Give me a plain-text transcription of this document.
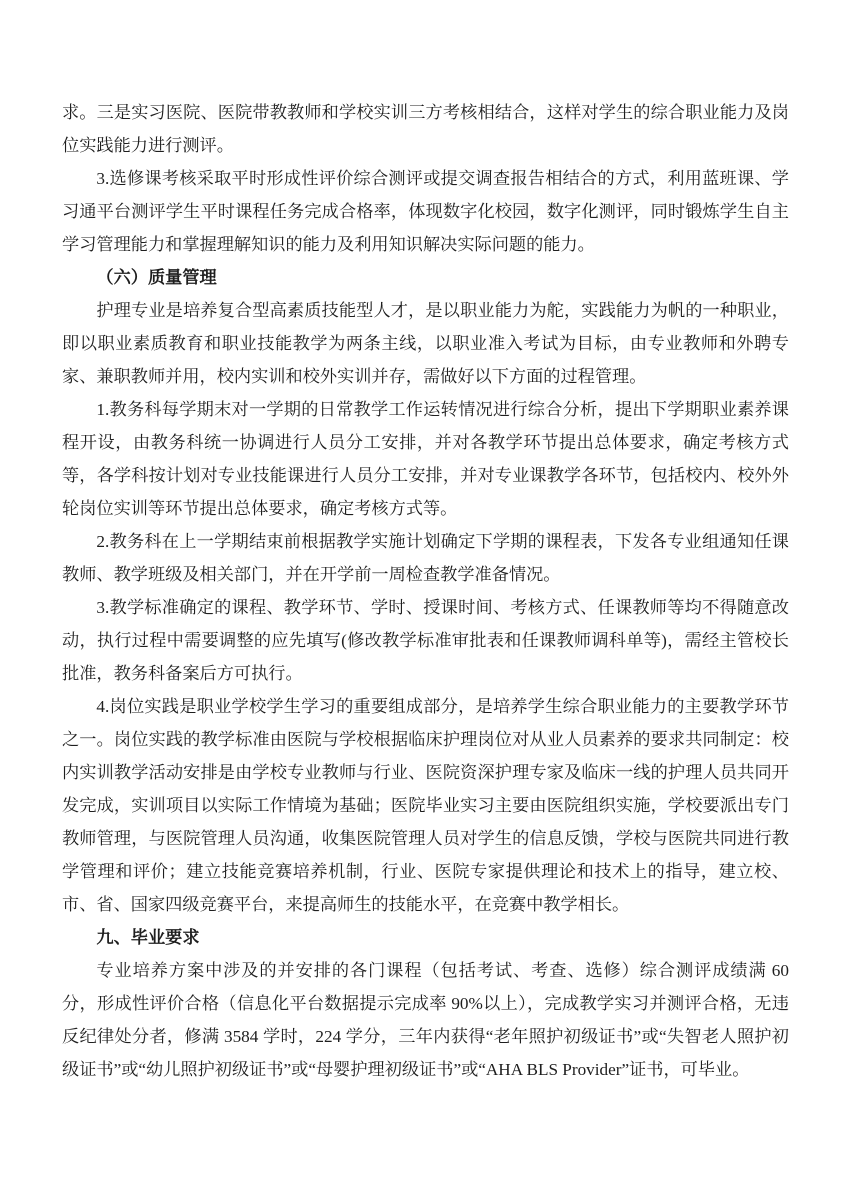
求。三是实习医院、医院带教教师和学校实训三方考核相结合，这样对学生的综合职业能力及岗位实践能力进行测评。

3.选修课考核采取平时形成性评价综合测评或提交调查报告相结合的方式，利用蓝班课、学习通平台测评学生平时课程任务完成合格率，体现数字化校园，数字化测评，同时锻炼学生自主学习管理能力和掌握理解知识的能力及利用知识解决实际问题的能力。

（六）质量管理

护理专业是培养复合型高素质技能型人才，是以职业能力为舵，实践能力为帆的一种职业，即以职业素质教育和职业技能教学为两条主线，以职业准入考试为目标，由专业教师和外聘专家、兼职教师并用，校内实训和校外实训并存，需做好以下方面的过程管理。

1.教务科每学期末对一学期的日常教学工作运转情况进行综合分析，提出下学期职业素养课程开设，由教务科统一协调进行人员分工安排，并对各教学环节提出总体要求，确定考核方式等，各学科按计划对专业技能课进行人员分工安排，并对专业课教学各环节，包括校内、校外外轮岗位实训等环节提出总体要求，确定考核方式等。

2.教务科在上一学期结束前根据教学实施计划确定下学期的课程表，下发各专业组通知任课教师、教学班级及相关部门，并在开学前一周检查教学准备情况。

3.教学标准确定的课程、教学环节、学时、授课时间、考核方式、任课教师等均不得随意改动，执行过程中需要调整的应先填写(修改教学标准审批表和任课教师调科单等)，需经主管校长批准，教务科备案后方可执行。

4.岗位实践是职业学校学生学习的重要组成部分，是培养学生综合职业能力的主要教学环节之一。岗位实践的教学标准由医院与学校根据临床护理岗位对从业人员素养的要求共同制定：校内实训教学活动安排是由学校专业教师与行业、医院资深护理专家及临床一线的护理人员共同开发完成，实训项目以实际工作情境为基础；医院毕业实习主要由医院组织实施，学校要派出专门教师管理，与医院管理人员沟通，收集医院管理人员对学生的信息反馈，学校与医院共同进行教学管理和评价；建立技能竞赛培养机制，行业、医院专家提供理论和技术上的指导，建立校、市、省、国家四级竞赛平台，来提高师生的技能水平，在竞赛中教学相长。

九、毕业要求

专业培养方案中涉及的并安排的各门课程（包括考试、考查、选修）综合测评成绩满 60 分，形成性评价合格（信息化平台数据提示完成率 90%以上），完成教学实习并测评合格，无违反纪律处分者，修满 3584 学时，224 学分，三年内获得“老年照护初级证书”或“失智老人照护初级证书”或“幼儿照护初级证书”或“母婴护理初级证书”或“AHA BLS Provider”证书，可毕业。
